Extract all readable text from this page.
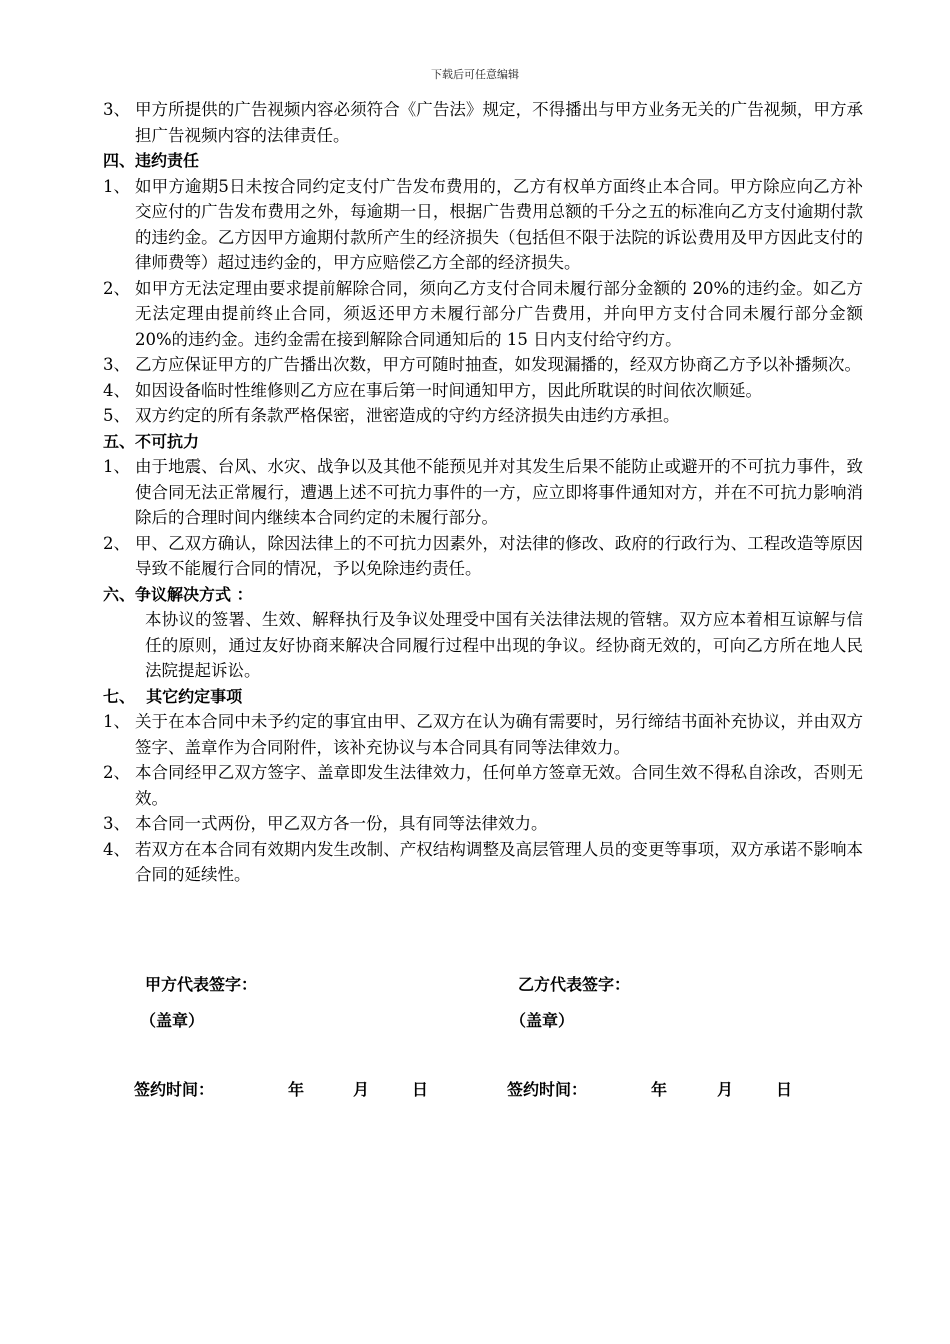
下载后可任意编辑
3、 甲方所提供的广告视频内容必须符合《广告法》规定，不得播出与甲方业务无关的广告视频，甲方承担广告视频内容的法律责任。
四、违约责任
1、 如甲方逾期5日未按合同约定支付广告发布费用的，乙方有权单方面终止本合同。甲方除应向乙方补交应付的广告发布费用之外，每逾期一日，根据广告费用总额的千分之五的标准向乙方支付逾期付款的违约金。乙方因甲方逾期付款所产生的经济损失（包括但不限于法院的诉讼费用及甲方因此支付的律师费等）超过违约金的，甲方应赔偿乙方全部的经济损失。
2、 如甲方无法定理由要求提前解除合同，须向乙方支付合同未履行部分金额的 20%的违约金。如乙方无法定理由提前终止合同，须返还甲方未履行部分广告费用，并向甲方支付合同未履行部分金额 20%的违约金。违约金需在接到解除合同通知后的 15 日内支付给守约方。
3、 乙方应保证甲方的广告播出次数，甲方可随时抽查，如发现漏播的，经双方协商乙方予以补播频次。
4、 如因设备临时性维修则乙方应在事后第一时间通知甲方，因此所耽误的时间依次顺延。
5、 双方约定的所有条款严格保密，泄密造成的守约方经济损失由违约方承担。
五、不可抗力
1、 由于地震、台风、水灾、战争以及其他不能预见并对其发生后果不能防止或避开的不可抗力事件，致使合同无法正常履行，遭遇上述不可抗力事件的一方，应立即将事件通知对方，并在不可抗力影响消除后的合理时间内继续本合同约定的未履行部分。
2、 甲、乙双方确认，除因法律上的不可抗力因素外，对法律的修改、政府的行政行为、工程改造等原因导致不能履行合同的情况，予以免除违约责任。
六、争议解决方式 ：
本协议的签署、生效、解释执行及争议处理受中国有关法律法规的管辖。双方应本着相互谅解与信任的原则，通过友好协商来解决合同履行过程中出现的争议。经协商无效的，可向乙方所在地人民法院提起诉讼。
七、  其它约定事项
1、 关于在本合同中未予约定的事宜由甲、乙双方在认为确有需要时，另行缔结书面补充协议，并由双方签字、盖章作为合同附件，该补充协议与本合同具有同等法律效力。
2、 本合同经甲乙双方签字、盖章即发生法律效力，任何单方签章无效。合同生效不得私自涂改，否则无效。
3、 本合同一式两份，甲乙双方各一份，具有同等法律效力。
4、 若双方在本合同有效期内发生改制、产权结构调整及高层管理人员的变更等事项，双方承诺不影响本合同的延续性。
甲方代表签字：	乙方代表签字：
（盖章）	（盖章）
签约时间：	年	月	日	签约时间：	年	月	日
